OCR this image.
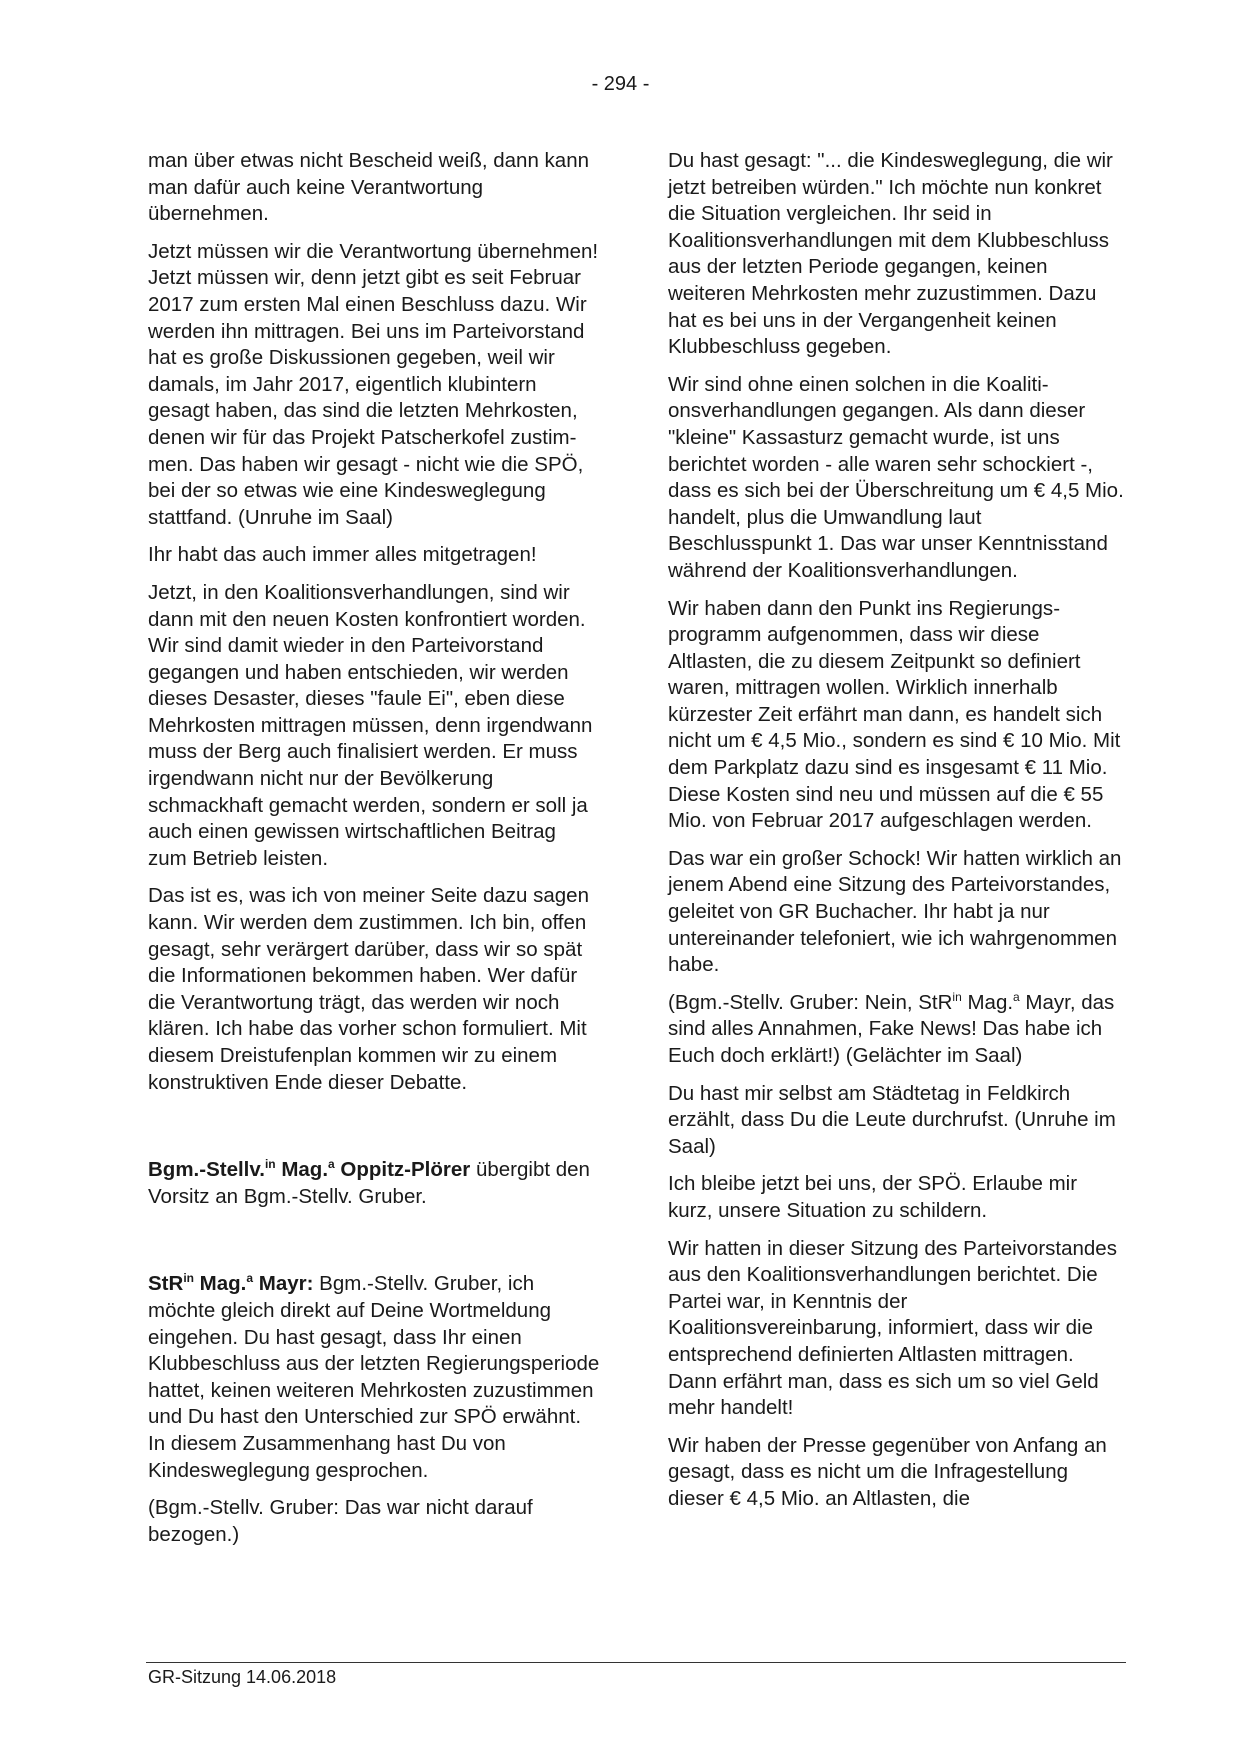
- 294 -

man über etwas nicht Bescheid weiß, dann kann man dafür auch keine Verantwortung übernehmen.

Jetzt müssen wir die Verantwortung übernehmen! Jetzt müssen wir, denn jetzt gibt es seit Februar 2017 zum ersten Mal einen Beschluss dazu. Wir werden ihn mittragen. Bei uns im Parteivorstand hat es große Diskussionen gegeben, weil wir damals, im Jahr 2017, eigentlich klubintern gesagt haben, das sind die letzten Mehrkosten, denen wir für das Projekt Patscherkofel zustimmen. Das haben wir gesagt - nicht wie die SPÖ, bei der so etwas wie eine Kindesweglegung stattfand. (Unruhe im Saal)

Ihr habt das auch immer alles mitgetragen!

Jetzt, in den Koalitionsverhandlungen, sind wir dann mit den neuen Kosten konfrontiert worden. Wir sind damit wieder in den Parteivorstand gegangen und haben entschieden, wir werden dieses Desaster, dieses "faule Ei", eben diese Mehrkosten mittragen müssen, denn irgendwann muss der Berg auch finalisiert werden. Er muss irgendwann nicht nur der Bevölkerung schmackhaft gemacht werden, sondern er soll ja auch einen gewissen wirtschaftlichen Beitrag zum Betrieb leisten.

Das ist es, was ich von meiner Seite dazu sagen kann. Wir werden dem zustimmen. Ich bin, offen gesagt, sehr verärgert darüber, dass wir so spät die Informationen bekommen haben. Wer dafür die Verantwortung trägt, das werden wir noch klären. Ich habe das vorher schon formuliert. Mit diesem Dreistufenplan kommen wir zu einem konstruktiven Ende dieser Debatte.

Bgm.-Stellv.$^{in}$ Mag.$^a$ Oppitz-Plörer übergibt den Vorsitz an Bgm.-Stellv. Gruber.

StR$^{in}$ Mag.$^a$ Mayr: Bgm.-Stellv. Gruber, ich möchte gleich direkt auf Deine Wortmeldung eingehen. Du hast gesagt, dass Ihr einen Klubbeschluss aus der letzten Regierungsperiode hattet, keinen weiteren Mehrkosten zuzustimmen und Du hast den Unterschied zur SPÖ erwähnt. In diesem Zusammenhang hast Du von Kindesweglegung gesprochen.

(Bgm.-Stellv. Gruber: Das war nicht darauf bezogen.)

Du hast gesagt: "... die Kindesweglegung, die wir jetzt betreiben würden." Ich möchte nun konkret die Situation vergleichen. Ihr seid in Koalitionsverhandlungen mit dem Klubbeschluss aus der letzten Periode gegangen, keinen weiteren Mehrkosten mehr zuzustimmen. Dazu hat es bei uns in der Vergangenheit keinen Klubbeschluss gegeben.

Wir sind ohne einen solchen in die Koalitionsverhandlungen gegangen. Als dann dieser "kleine" Kassasturz gemacht wurde, ist uns berichtet worden - alle waren sehr schockiert -, dass es sich bei der Überschreitung um € 4,5 Mio. handelt, plus die Umwandlung laut Beschlusspunkt 1. Das war unser Kenntnisstand während der Koalitionsverhandlungen.

Wir haben dann den Punkt ins Regierungsprogramm aufgenommen, dass wir diese Altlasten, die zu diesem Zeitpunkt so definiert waren, mittragen wollen. Wirklich innerhalb kürzester Zeit erfährt man dann, es handelt sich nicht um € 4,5 Mio., sondern es sind € 10 Mio. Mit dem Parkplatz dazu sind es insgesamt € 11 Mio. Diese Kosten sind neu und müssen auf die € 55 Mio. von Februar 2017 aufgeschlagen werden.

Das war ein großer Schock! Wir hatten wirklich an jenem Abend eine Sitzung des Parteivorstandes, geleitet von GR Buchacher. Ihr habt ja nur untereinander telefoniert, wie ich wahrgenommen habe.

(Bgm.-Stellv. Gruber: Nein, StR$^{in}$ Mag.$^a$ Mayr, das sind alles Annahmen, Fake News! Das habe ich Euch doch erklärt!) (Gelächter im Saal)

Du hast mir selbst am Städtetag in Feldkirch erzählt, dass Du die Leute durchrufst. (Unruhe im Saal)

Ich bleibe jetzt bei uns, der SPÖ. Erlaube mir kurz, unsere Situation zu schildern.

Wir hatten in dieser Sitzung des Parteivorstandes aus den Koalitionsverhandlungen berichtet. Die Partei war, in Kenntnis der Koalitionsvereinbarung, informiert, dass wir die entsprechend definierten Altlasten mittragen. Dann erfährt man, dass es sich um so viel Geld mehr handelt!

Wir haben der Presse gegenüber von Anfang an gesagt, dass es nicht um die Infragestellung dieser € 4,5 Mio. an Altlasten, die

GR-Sitzung 14.06.2018
